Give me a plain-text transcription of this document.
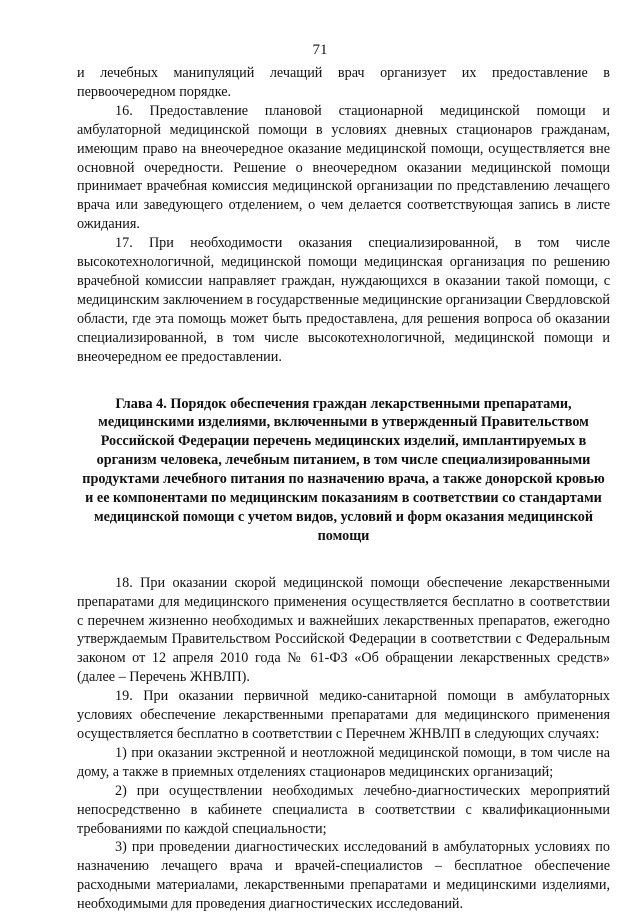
71

и лечебных манипуляций лечащий врач организует их предоставление в первоочередном порядке.

16. Предоставление плановой стационарной медицинской помощи и амбулаторной медицинской помощи в условиях дневных стационаров гражданам, имеющим право на внеочередное оказание медицинской помощи, осуществляется вне основной очередности. Решение о внеочередном оказании медицинской помощи принимает врачебная комиссия медицинской организации по представлению лечащего врача или заведующего отделением, о чем делается соответствующая запись в листе ожидания.

17. При необходимости оказания специализированной, в том числе высокотехнологичной, медицинской помощи медицинская организация по решению врачебной комиссии направляет граждан, нуждающихся в оказании такой помощи, с медицинским заключением в государственные медицинские организации Свердловской области, где эта помощь может быть предоставлена, для решения вопроса об оказании специализированной, в том числе высокотехнологичной, медицинской помощи и внеочередном ее предоставлении.

Глава 4. Порядок обеспечения граждан лекарственными препаратами, медицинскими изделиями, включенными в утвержденный Правительством Российской Федерации перечень медицинских изделий, имплантируемых в организм человека, лечебным питанием, в том числе специализированными продуктами лечебного питания по назначению врача, а также донорской кровью и ее компонентами по медицинским показаниям в соответствии со стандартами медицинской помощи с учетом видов, условий и форм оказания медицинской помощи

18. При оказании скорой медицинской помощи обеспечение лекарственными препаратами для медицинского применения осуществляется бесплатно в соответствии с перечнем жизненно необходимых и важнейших лекарственных препаратов, ежегодно утверждаемым Правительством Российской Федерации в соответствии с Федеральным законом от 12 апреля 2010 года № 61-ФЗ «Об обращении лекарственных средств» (далее – Перечень ЖНВЛП).

19. При оказании первичной медико-санитарной помощи в амбулаторных условиях обеспечение лекарственными препаратами для медицинского применения осуществляется бесплатно в соответствии с Перечнем ЖНВЛП в следующих случаях:

1) при оказании экстренной и неотложной медицинской помощи, в том числе на дому, а также в приемных отделениях стационаров медицинских организаций;

2) при осуществлении необходимых лечебно-диагностических мероприятий непосредственно в кабинете специалиста в соответствии с квалификационными требованиями по каждой специальности;

3) при проведении диагностических исследований в амбулаторных условиях по назначению лечащего врача и врачей-специалистов – бесплатное обеспечение расходными материалами, лекарственными препаратами и медицинскими изделиями, необходимыми для проведения диагностических исследований.
